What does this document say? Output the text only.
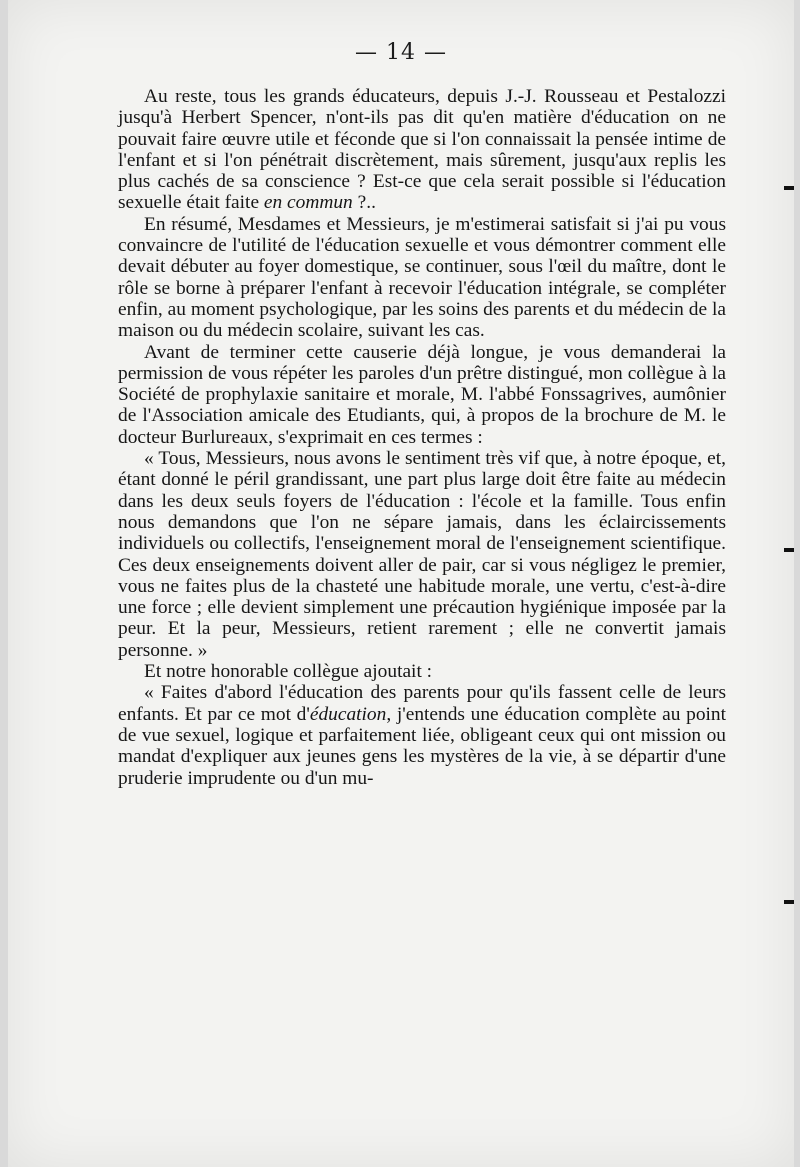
— 14 —

Au reste, tous les grands éducateurs, depuis J.-J. Rousseau et Pestalozzi jusqu'à Herbert Spencer, n'ont-ils pas dit qu'en matière d'éducation on ne pouvait faire œuvre utile et féconde que si l'on connaissait la pensée intime de l'enfant et si l'on pénétrait discrètement, mais sûrement, jusqu'aux replis les plus cachés de sa conscience ? Est-ce que cela serait possible si l'éducation sexuelle était faite en commun ?..

En résumé, Mesdames et Messieurs, je m'estimerai satisfait si j'ai pu vous convaincre de l'utilité de l'éducation sexuelle et vous démontrer comment elle devait débuter au foyer domestique, se continuer, sous l'œil du maître, dont le rôle se borne à préparer l'enfant à recevoir l'éducation intégrale, se compléter enfin, au moment psychologique, par les soins des parents et du médecin de la maison ou du médecin scolaire, suivant les cas.

Avant de terminer cette causerie déjà longue, je vous demanderai la permission de vous répéter les paroles d'un prêtre distingué, mon collègue à la Société de prophylaxie sanitaire et morale, M. l'abbé Fonssagrives, aumônier de l'Association amicale des Etudiants, qui, à propos de la brochure de M. le docteur Burlureaux, s'exprimait en ces termes :

« Tous, Messieurs, nous avons le sentiment très vif que, à notre époque, et, étant donné le péril grandissant, une part plus large doit être faite au médecin dans les deux seuls foyers de l'éducation : l'école et la famille. Tous enfin nous demandons que l'on ne sépare jamais, dans les éclaircissements individuels ou collectifs, l'enseignement moral de l'enseignement scientifique. Ces deux enseignements doivent aller de pair, car si vous négligez le premier, vous ne faites plus de la chasteté une habitude morale, une vertu, c'est-à-dire une force ; elle devient simplement une précaution hygiénique imposée par la peur. Et la peur, Messieurs, retient rarement ; elle ne convertit jamais personne. »

Et notre honorable collègue ajoutait :

« Faites d'abord l'éducation des parents pour qu'ils fassent celle de leurs enfants. Et par ce mot d'éducation, j'entends une éducation complète au point de vue sexuel, logique et parfaitement liée, obligeant ceux qui ont mission ou mandat d'expliquer aux jeunes gens les mystères de la vie, à se départir d'une pruderie imprudente ou d'un mu-
